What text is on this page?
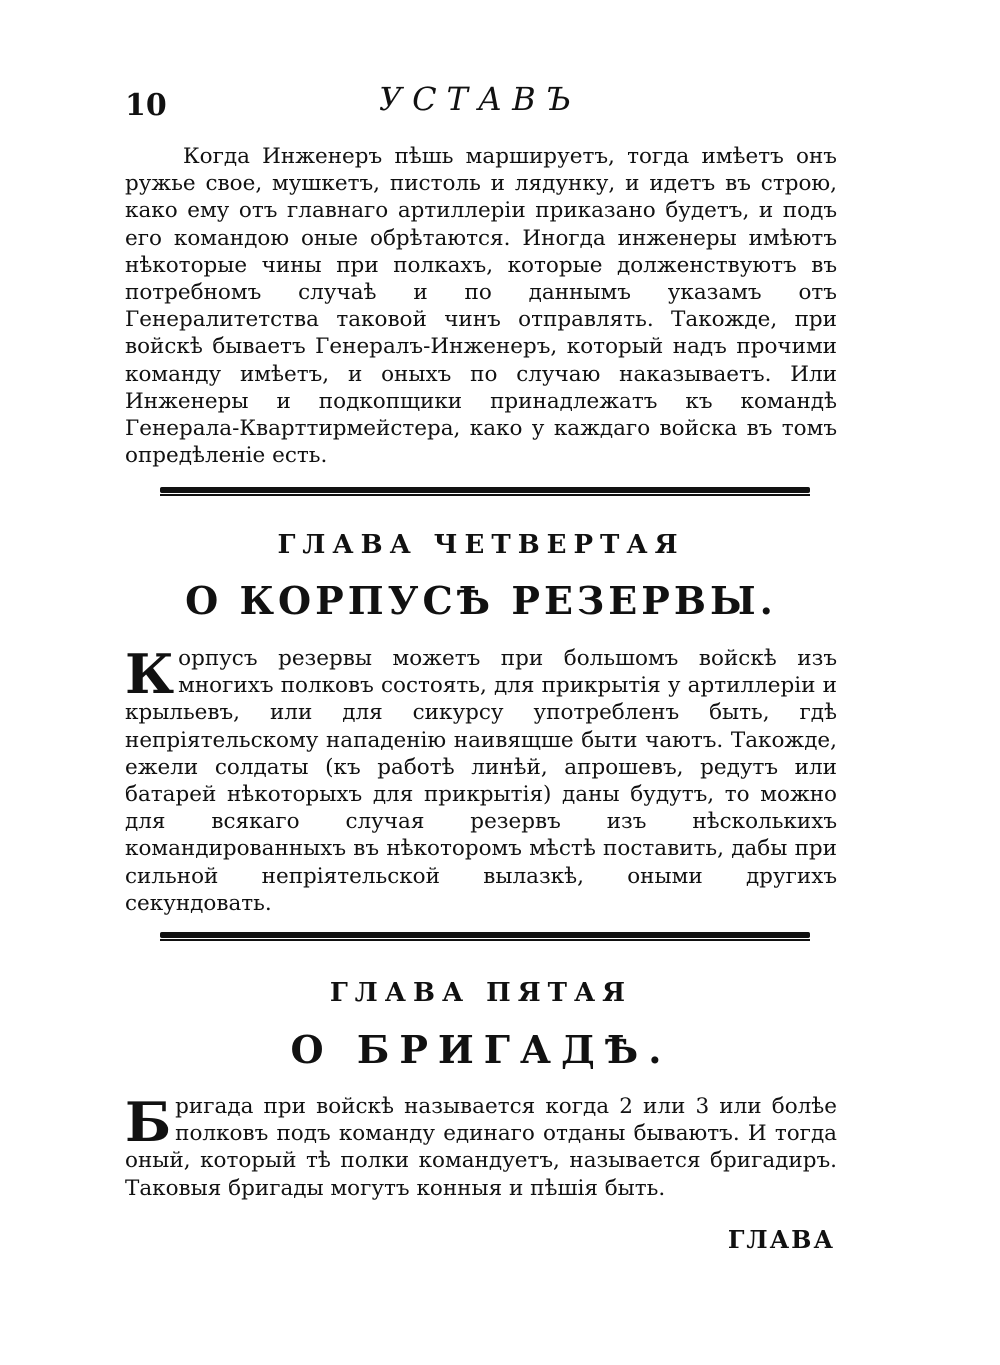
10	УСТАВЪ

Когда Инженеръ пѣшь маршируетъ, тогда имѣетъ онъ ружье свое, мушкетъ, пистоль и лядунку, и идетъ въ строю, како ему отъ главнаго артиллерiи приказано будетъ, и подъ его командою оные обрѣтаются. Иногда инженеры имѣютъ нѣкоторые чины при полкахъ, которые долженствуютъ въ потребномъ случаѣ и по даннымъ указамъ отъ Генералитетства таковой чинъ отправлять. Такожде, при войскѣ бываетъ Генералъ-Инженеръ, который надъ прочими команду имѣетъ, и оныхъ по случаю наказываетъ. Или Инженеры и подкопщики принадлежатъ къ командѣ Генерала-Кварттирмейстера, како у каждаго войска въ томъ опредѣленiе есть.

ГЛАВА ЧЕТВЕРТАЯ
О КОРПУСѢ РЕЗЕРВЫ.

Корпусъ резервы можетъ при большомъ войскѣ изъ многихъ полковъ состоять, для прикрытiя у артиллерiи и крыльевъ, или для сикурсу употребленъ быть, гдѣ непрiятельскому нападенiю наивящше быти чаютъ. Такожде, ежели солдаты (къ работѣ линѣй, апрошевъ, редутъ или батарей нѣкоторыхъ для прикрытiя) даны будутъ, то можно для всякаго случая резервъ изъ нѣсколькихъ командированныхъ въ нѣкоторомъ мѣстѣ поставить, дабы при сильной непрiятельской вылазкѣ, оными другихъ секундовать.

ГЛАВА ПЯТАЯ
О БРИГАДѢ.

Бригада при войскѣ называется когда 2 или 3 или болѣе полковъ подъ команду единаго отданы бываютъ. И тогда оный, который тѣ полки командуетъ, называется бригадиръ. Таковыя бригады могутъ конныя и пѣшiя быть.

ГЛАВА
